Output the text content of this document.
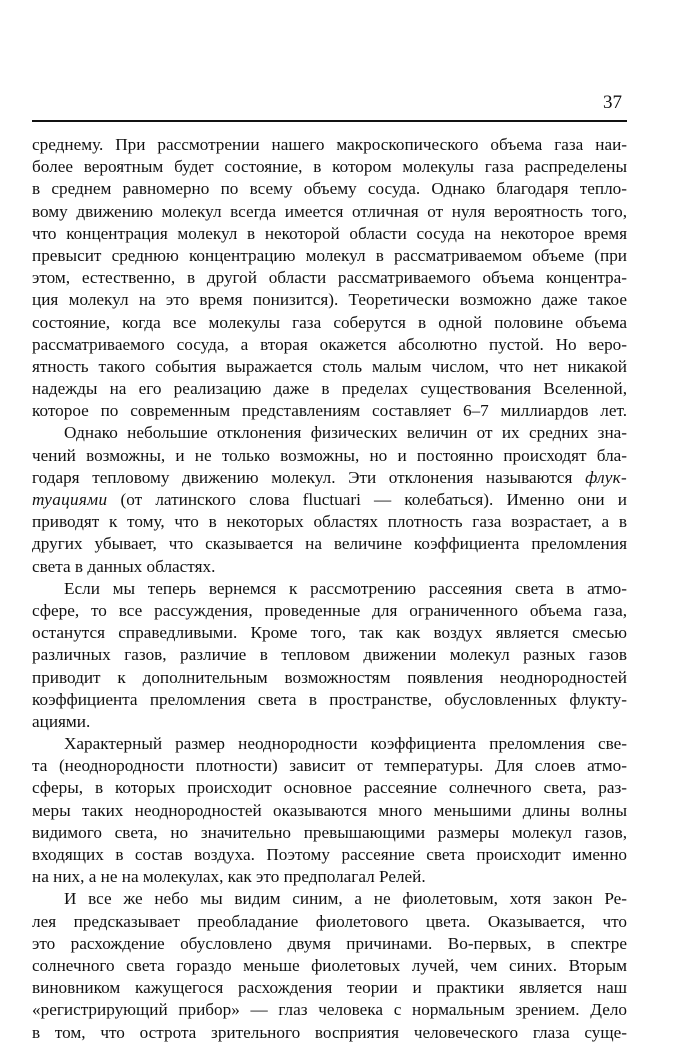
37
среднему. При рассмотрении нашего макроскопического объема газа наи-
более вероятным будет состояние, в котором молекулы газа распределены
в среднем равномерно по всему объему сосуда. Однако благодаря тепло-
вому движению молекул всегда имеется отличная от нуля вероятность того,
что концентрация молекул в некоторой области сосуда на некоторое время
превысит среднюю концентрацию молекул в рассматриваемом объеме (при
этом, естественно, в другой области рассматриваемого объема концентра-
ция молекул на это время понизится). Теоретически возможно даже такое
состояние, когда все молекулы газа соберутся в одной половине объема
рассматриваемого сосуда, а вторая окажется абсолютно пустой. Но веро-
ятность такого события выражается столь малым числом, что нет никакой
надежды на его реализацию даже в пределах существования Вселенной,
которое по современным представлениям составляет 6–7 миллиардов лет.
Однако небольшие отклонения физических величин от их средних зна-
чений возможны, и не только возможны, но и постоянно происходят бла-
годаря тепловому движению молекул. Эти отклонения называются флук-
туациями (от латинского слова fluctuari — колебаться). Именно они и
приводят к тому, что в некоторых областях плотность газа возрастает, а в
других убывает, что сказывается на величине коэффициента преломления
света в данных областях.
Если мы теперь вернемся к рассмотрению рассеяния света в атмо-
сфере, то все рассуждения, проведенные для ограниченного объема газа,
останутся справедливыми. Кроме того, так как воздух является смесью
различных газов, различие в тепловом движении молекул разных газов
приводит к дополнительным возможностям появления неоднородностей
коэффициента преломления света в пространстве, обусловленных флукту-
ациями.
Характерный размер неоднородности коэффициента преломления све-
та (неоднородности плотности) зависит от температуры. Для слоев атмо-
сферы, в которых происходит основное рассеяние солнечного света, раз-
меры таких неоднородностей оказываются много меньшими длины волны
видимого света, но значительно превышающими размеры молекул газов,
входящих в состав воздуха. Поэтому рассеяние света происходит именно
на них, а не на молекулах, как это предполагал Релей.
И все же небо мы видим синим, а не фиолетовым, хотя закон Ре-
лея предсказывает преобладание фиолетового цвета. Оказывается, что
это расхождение обусловлено двумя причинами. Во-первых, в спектре
солнечного света гораздо меньше фиолетовых лучей, чем синих. Вторым
виновником кажущегося расхождения теории и практики является наш
«регистрирующий прибор» — глаз человека с нормальным зрением. Дело
в том, что острота зрительного восприятия человеческого глаза суще-
